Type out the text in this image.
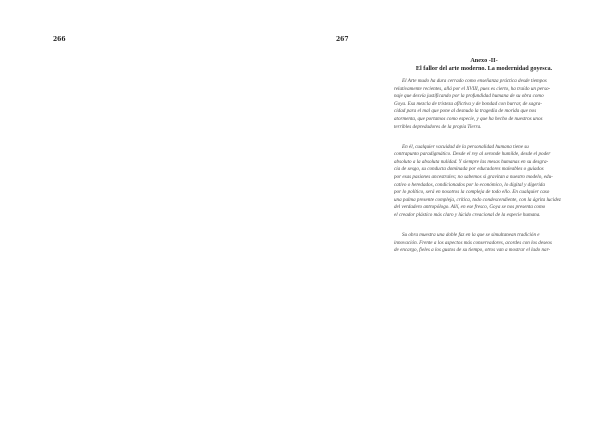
266	267
Anexo -II-
El fallor del arte moderno. La modernidad goyesca.
El Arte mudo ha dura cerrado como enseñanza práctica desde tiempos
relativamente recientes, allá por el XVIII, pues es cierto, ha traído un perso-
naje que desvía justificando por la profundidad humana de su obra como
Goya. Esa mezcla de tristeza aflictiva y de bondad con burrar, de sagra-
cidad para el mal que pone al desnudo la tragedia de morida que nos
atormenta, que portamos como especie, y que ha hecho de nuestros unos
terribles depredadores de la propia Tierra.
En él, cualquier vacuidad de la personalidad humana tiene su
contrapunto paradigmático. Desde el rey al seronde humilde, desde el poder
absoluto a la absoluta nulidad. Y siempre las mesas humanas en su desgra-
cia de sesgo, su conducta dominada por educadores maleables o guiados
por esas pasiones ancestrales; no sabemos si gravitan a nuestro modelo, edu-
cativo o heredados, condicionados por lo económico, lo digital y digerida
por lo político, será en nosotros la compleja de todo ello. En cualquier caso
una palma presente compleja, crítica, todo condescendiente, con la ágrita lucidez
del verdadero antropólogo. Allí, en ese fresco, Goya se nos presenta como
el creador plástico más claro y lúcido creacional de la especie humana.
Su obra muestra una doble faz en la que se simultanean tradición e
innovación. Frente a los aspectos más conservadores, acordes con los deseos
de encargo, fieles a los gustos de su tiempo, otros van a mostrar el lado nar-
